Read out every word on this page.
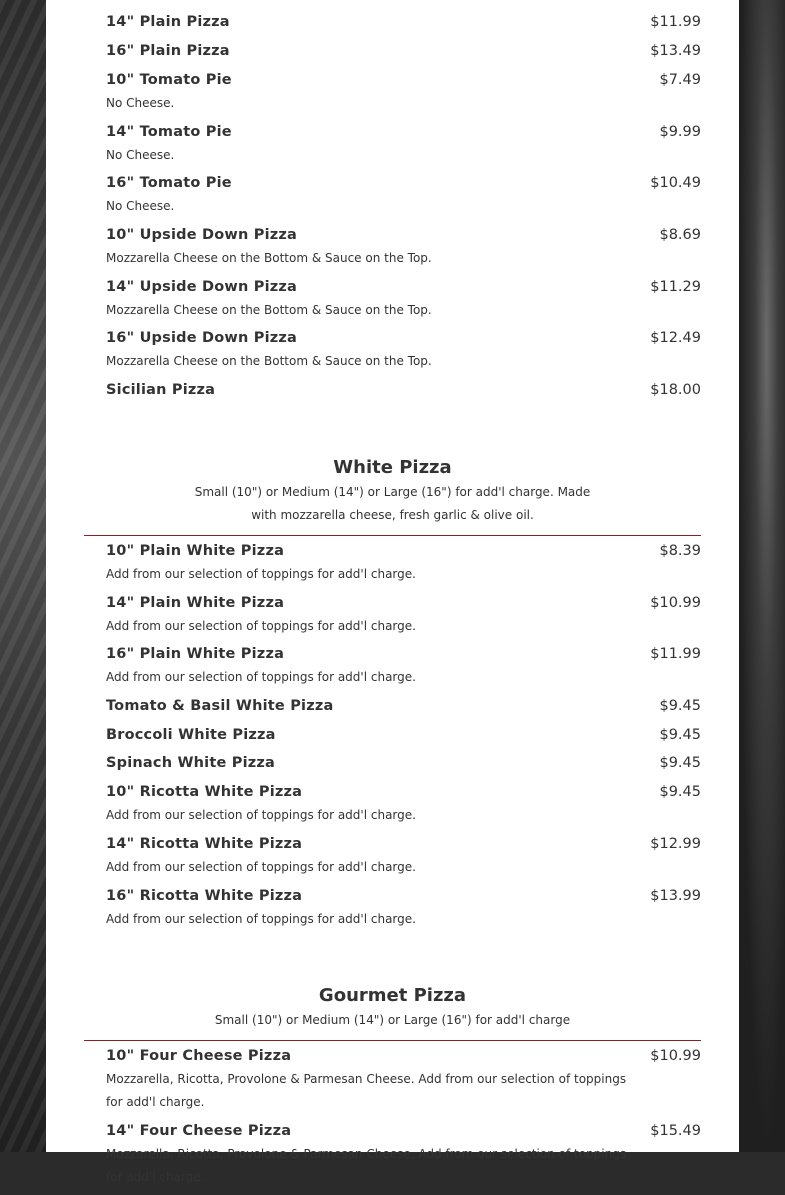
14" Plain Pizza	$11.99
16" Plain Pizza	$13.49
10" Tomato Pie	$7.49
No Cheese.
14" Tomato Pie	$9.99
No Cheese.
16" Tomato Pie	$10.49
No Cheese.
10" Upside Down Pizza	$8.69
Mozzarella Cheese on the Bottom & Sauce on the Top.
14" Upside Down Pizza	$11.29
Mozzarella Cheese on the Bottom & Sauce on the Top.
16" Upside Down Pizza	$12.49
Mozzarella Cheese on the Bottom & Sauce on the Top.
Sicilian Pizza	$18.00
White Pizza
Small (10") or Medium (14") or Large (16") for add'l charge. Made with mozzarella cheese, fresh garlic & olive oil.
10" Plain White Pizza	$8.39
Add from our selection of toppings for add'l charge.
14" Plain White Pizza	$10.99
Add from our selection of toppings for add'l charge.
16" Plain White Pizza	$11.99
Add from our selection of toppings for add'l charge.
Tomato & Basil White Pizza	$9.45
Broccoli White Pizza	$9.45
Spinach White Pizza	$9.45
10" Ricotta White Pizza	$9.45
Add from our selection of toppings for add'l charge.
14" Ricotta White Pizza	$12.99
Add from our selection of toppings for add'l charge.
16" Ricotta White Pizza	$13.99
Add from our selection of toppings for add'l charge.
Gourmet Pizza
Small (10") or Medium (14") or Large (16") for add'l charge
10" Four Cheese Pizza	$10.99
Mozzarella, Ricotta, Provolone & Parmesan Cheese. Add from our selection of toppings for add'l charge.
14" Four Cheese Pizza	$15.49
Mozzarella, Ricotta, Provolone & Parmesan Cheese. Add from our selection of toppings for add'l charge.
